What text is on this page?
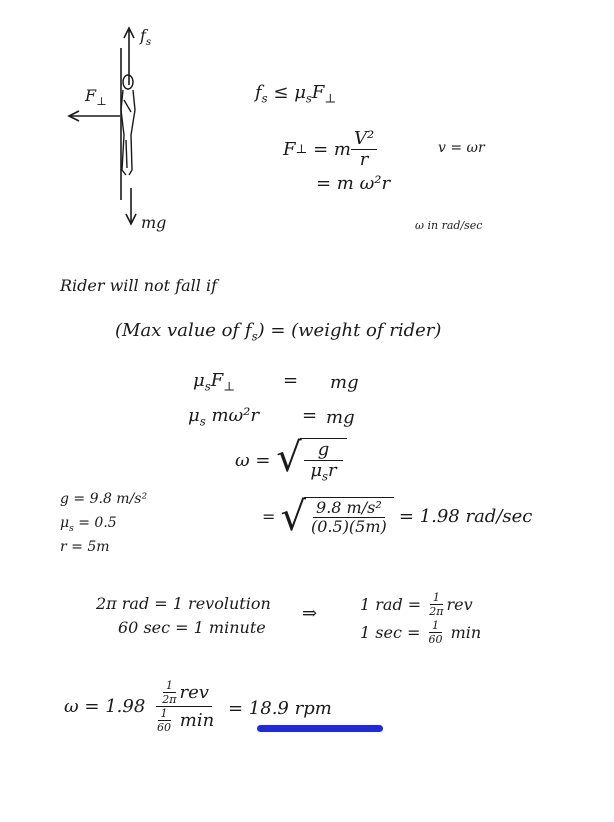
$f_s$
$F_\perp$
mg
$f_s \le \mu_sF_\perp$
F ⊥
= m $\frac{\text{V²}}{r}$
= m ω²r
v = ωr
ω in rad/sec
Rider will not fall if
(Max value of $f_s$) = (weight of rider)
$\mu_sF_\perp$	= mg
$\mu_s$ mω²r = mg
ω =
√ $\frac{g}{\mu_sr}$
g = 9.8 m/s²
$\mu_s = 0.5$
r = 5m
=
√ $\frac{\text{9.8 m/s²}}{(0.5)(5m)}$
= 1.98 rad/sec
2π rad = 1 revolution
60 sec = 1 minute
⇒	1 rad =
$\frac{1}{2\pi}$ rev
1 sec =
$\frac{1}{60}$
min
ω = 1.98
$\frac{1}{2\pi}$ rev
$\frac{1}{60}$
min = 18.9 rpm
